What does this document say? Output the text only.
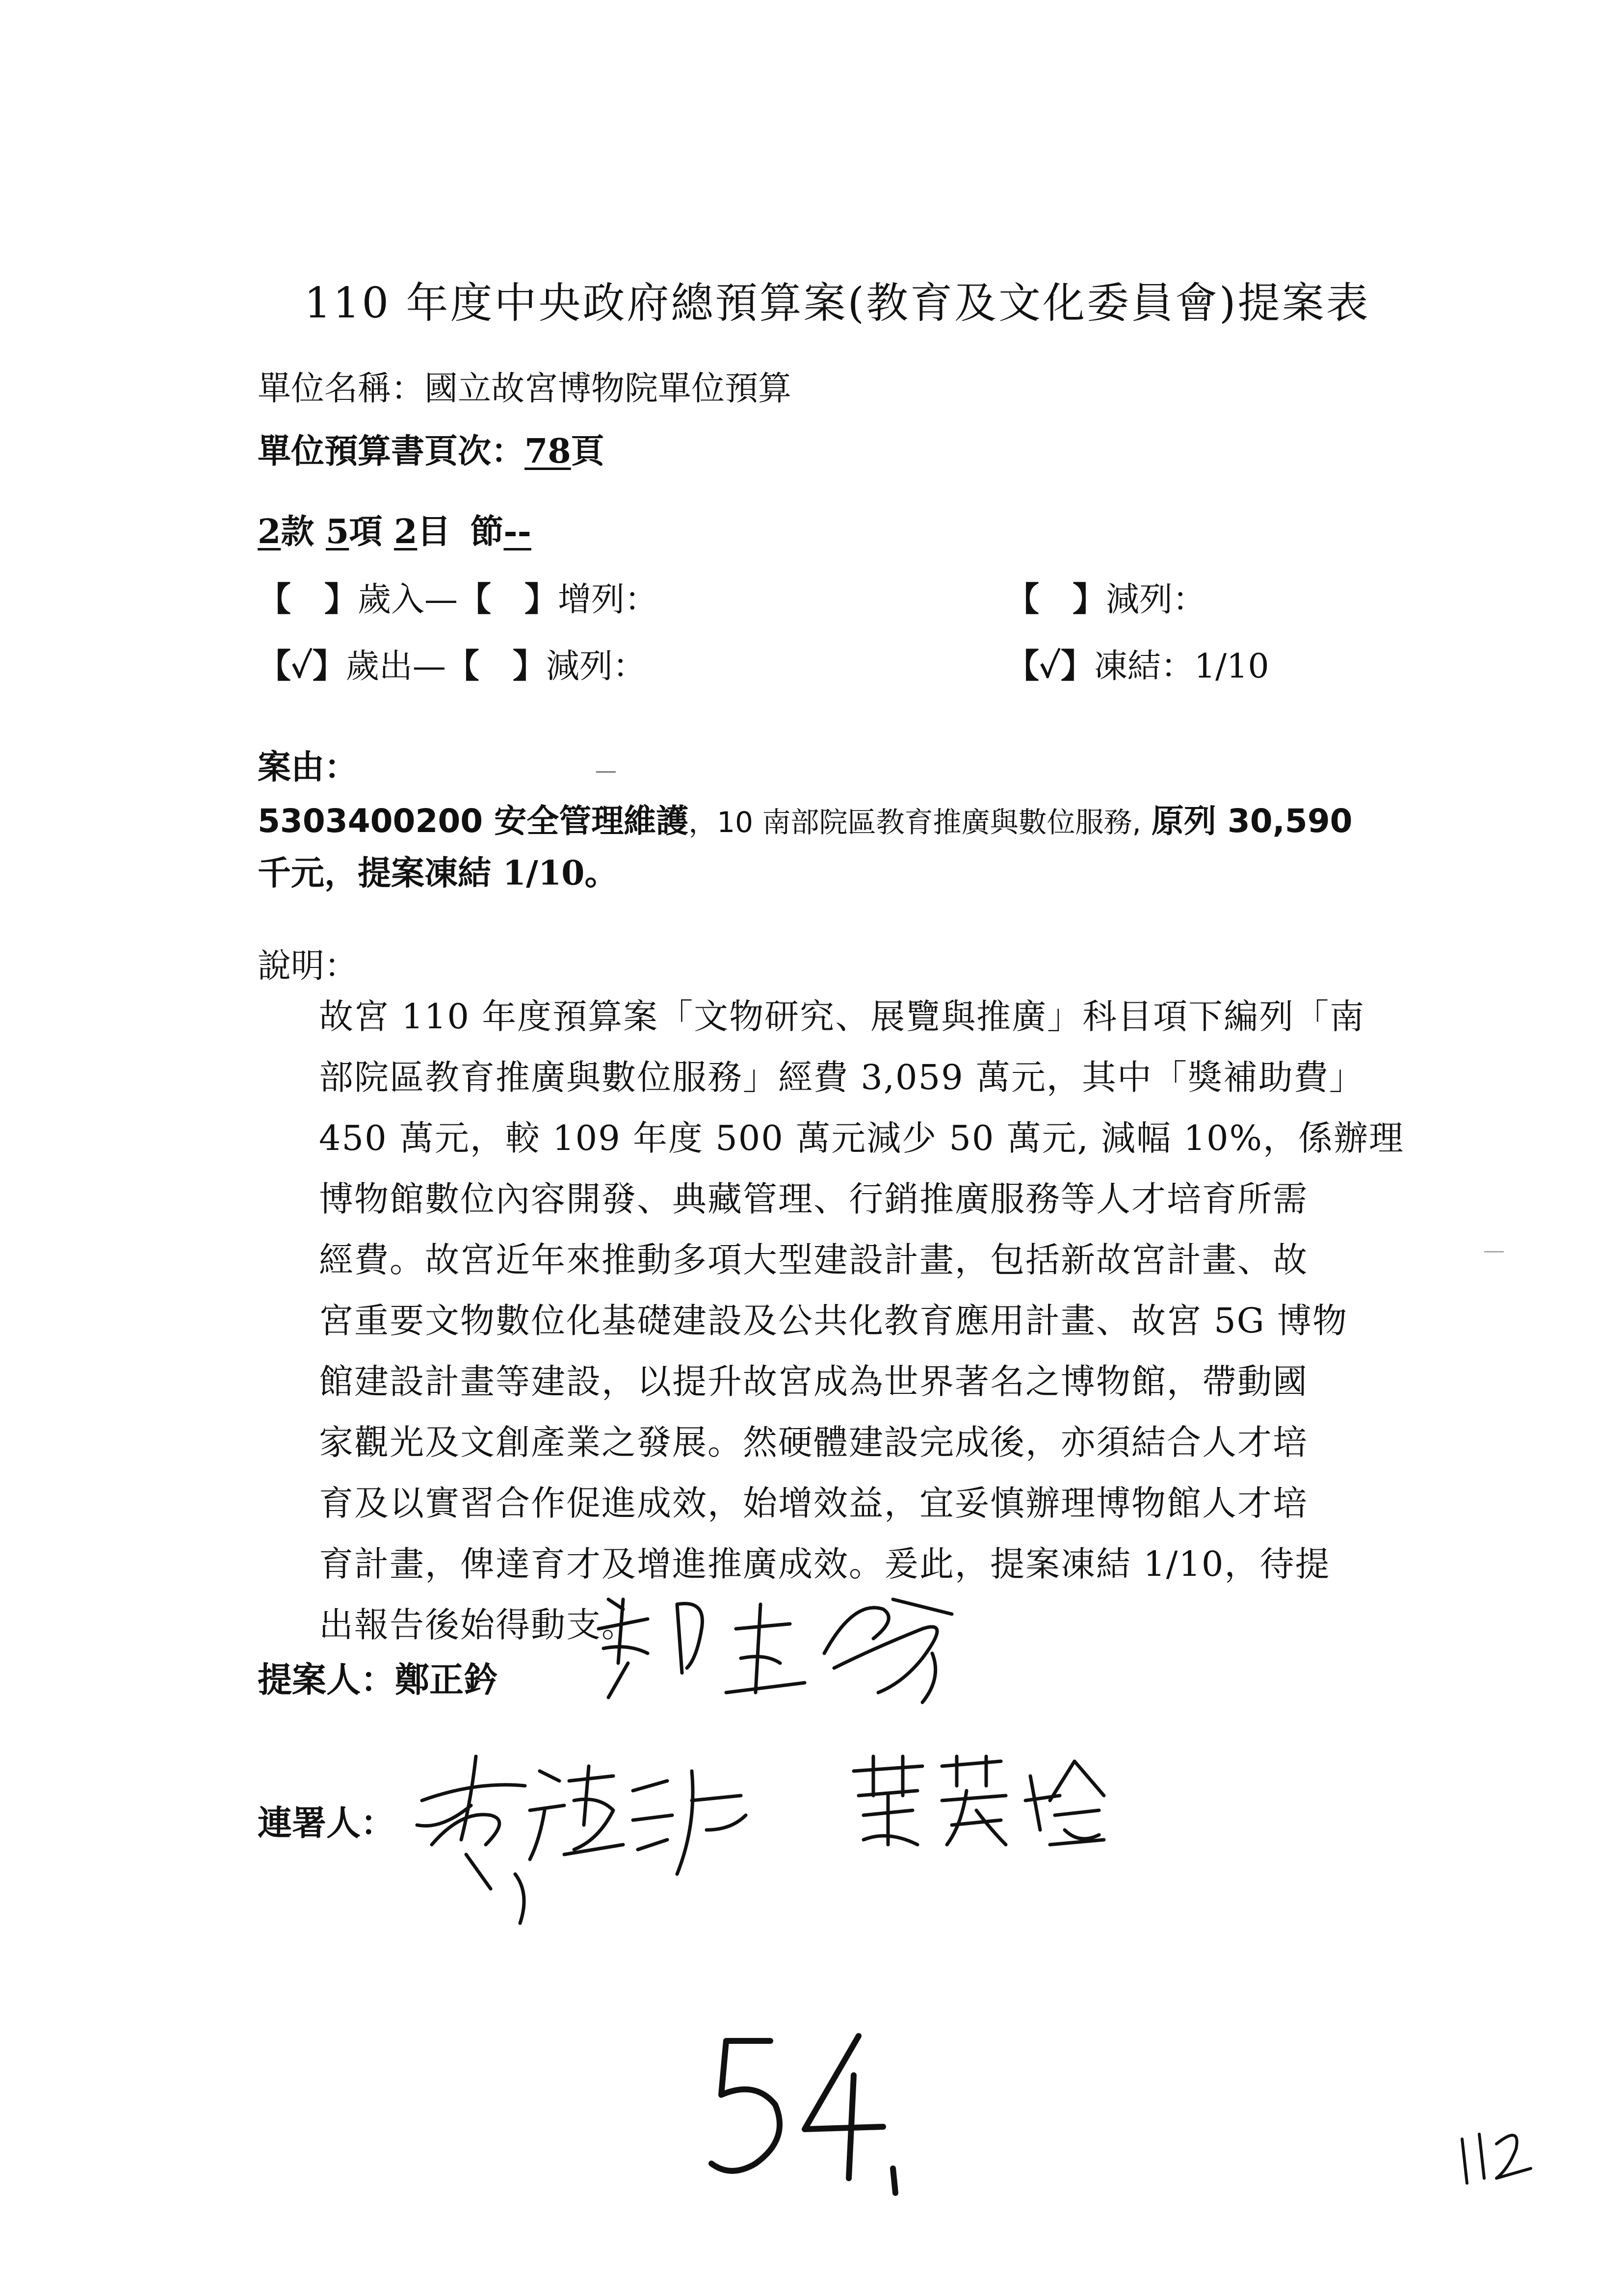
110 年度中央政府總預算案(教育及文化委員會)提案表
單位名稱：國立故宮博物院單位預算
單位預算書頁次：78頁
2款 5項 2目 節--
【　】歲入—【　】增列：	【　】減列：
【✓】歲出—【　】減列：	【✓】凍結：1/10
案由：
5303400200 安全管理維護，10 南部院區教育推廣與數位服務, 原列 30,590
千元，提案凍結 1/10。
說明：

故宮 110 年度預算案「文物研究、展覽與推廣」科目項下編列「南

部院區教育推廣與數位服務」經費 3,059 萬元，其中「獎補助費」

450 萬元，較 109 年度 500 萬元減少 50 萬元, 減幅 10%，係辦理

博物館數位內容開發、典藏管理、行銷推廣服務等人才培育所需

經費。故宮近年來推動多項大型建設計畫，包括新故宮計畫、故

宮重要文物數位化基礎建設及公共化教育應用計畫、故宮 5G 博物

館建設計畫等建設，以提升故宮成為世界著名之博物館，帶動國

家觀光及文創產業之發展。然硬體建設完成後，亦須結合人才培

育及以實習合作促進成效，始增效益，宜妥慎辦理博物館人才培

育計畫，俾達育才及增進推廣成效。爰此，提案凍結 1/10，待提

出報告後始得動支。

提案人：鄭正鈐
連署人：
